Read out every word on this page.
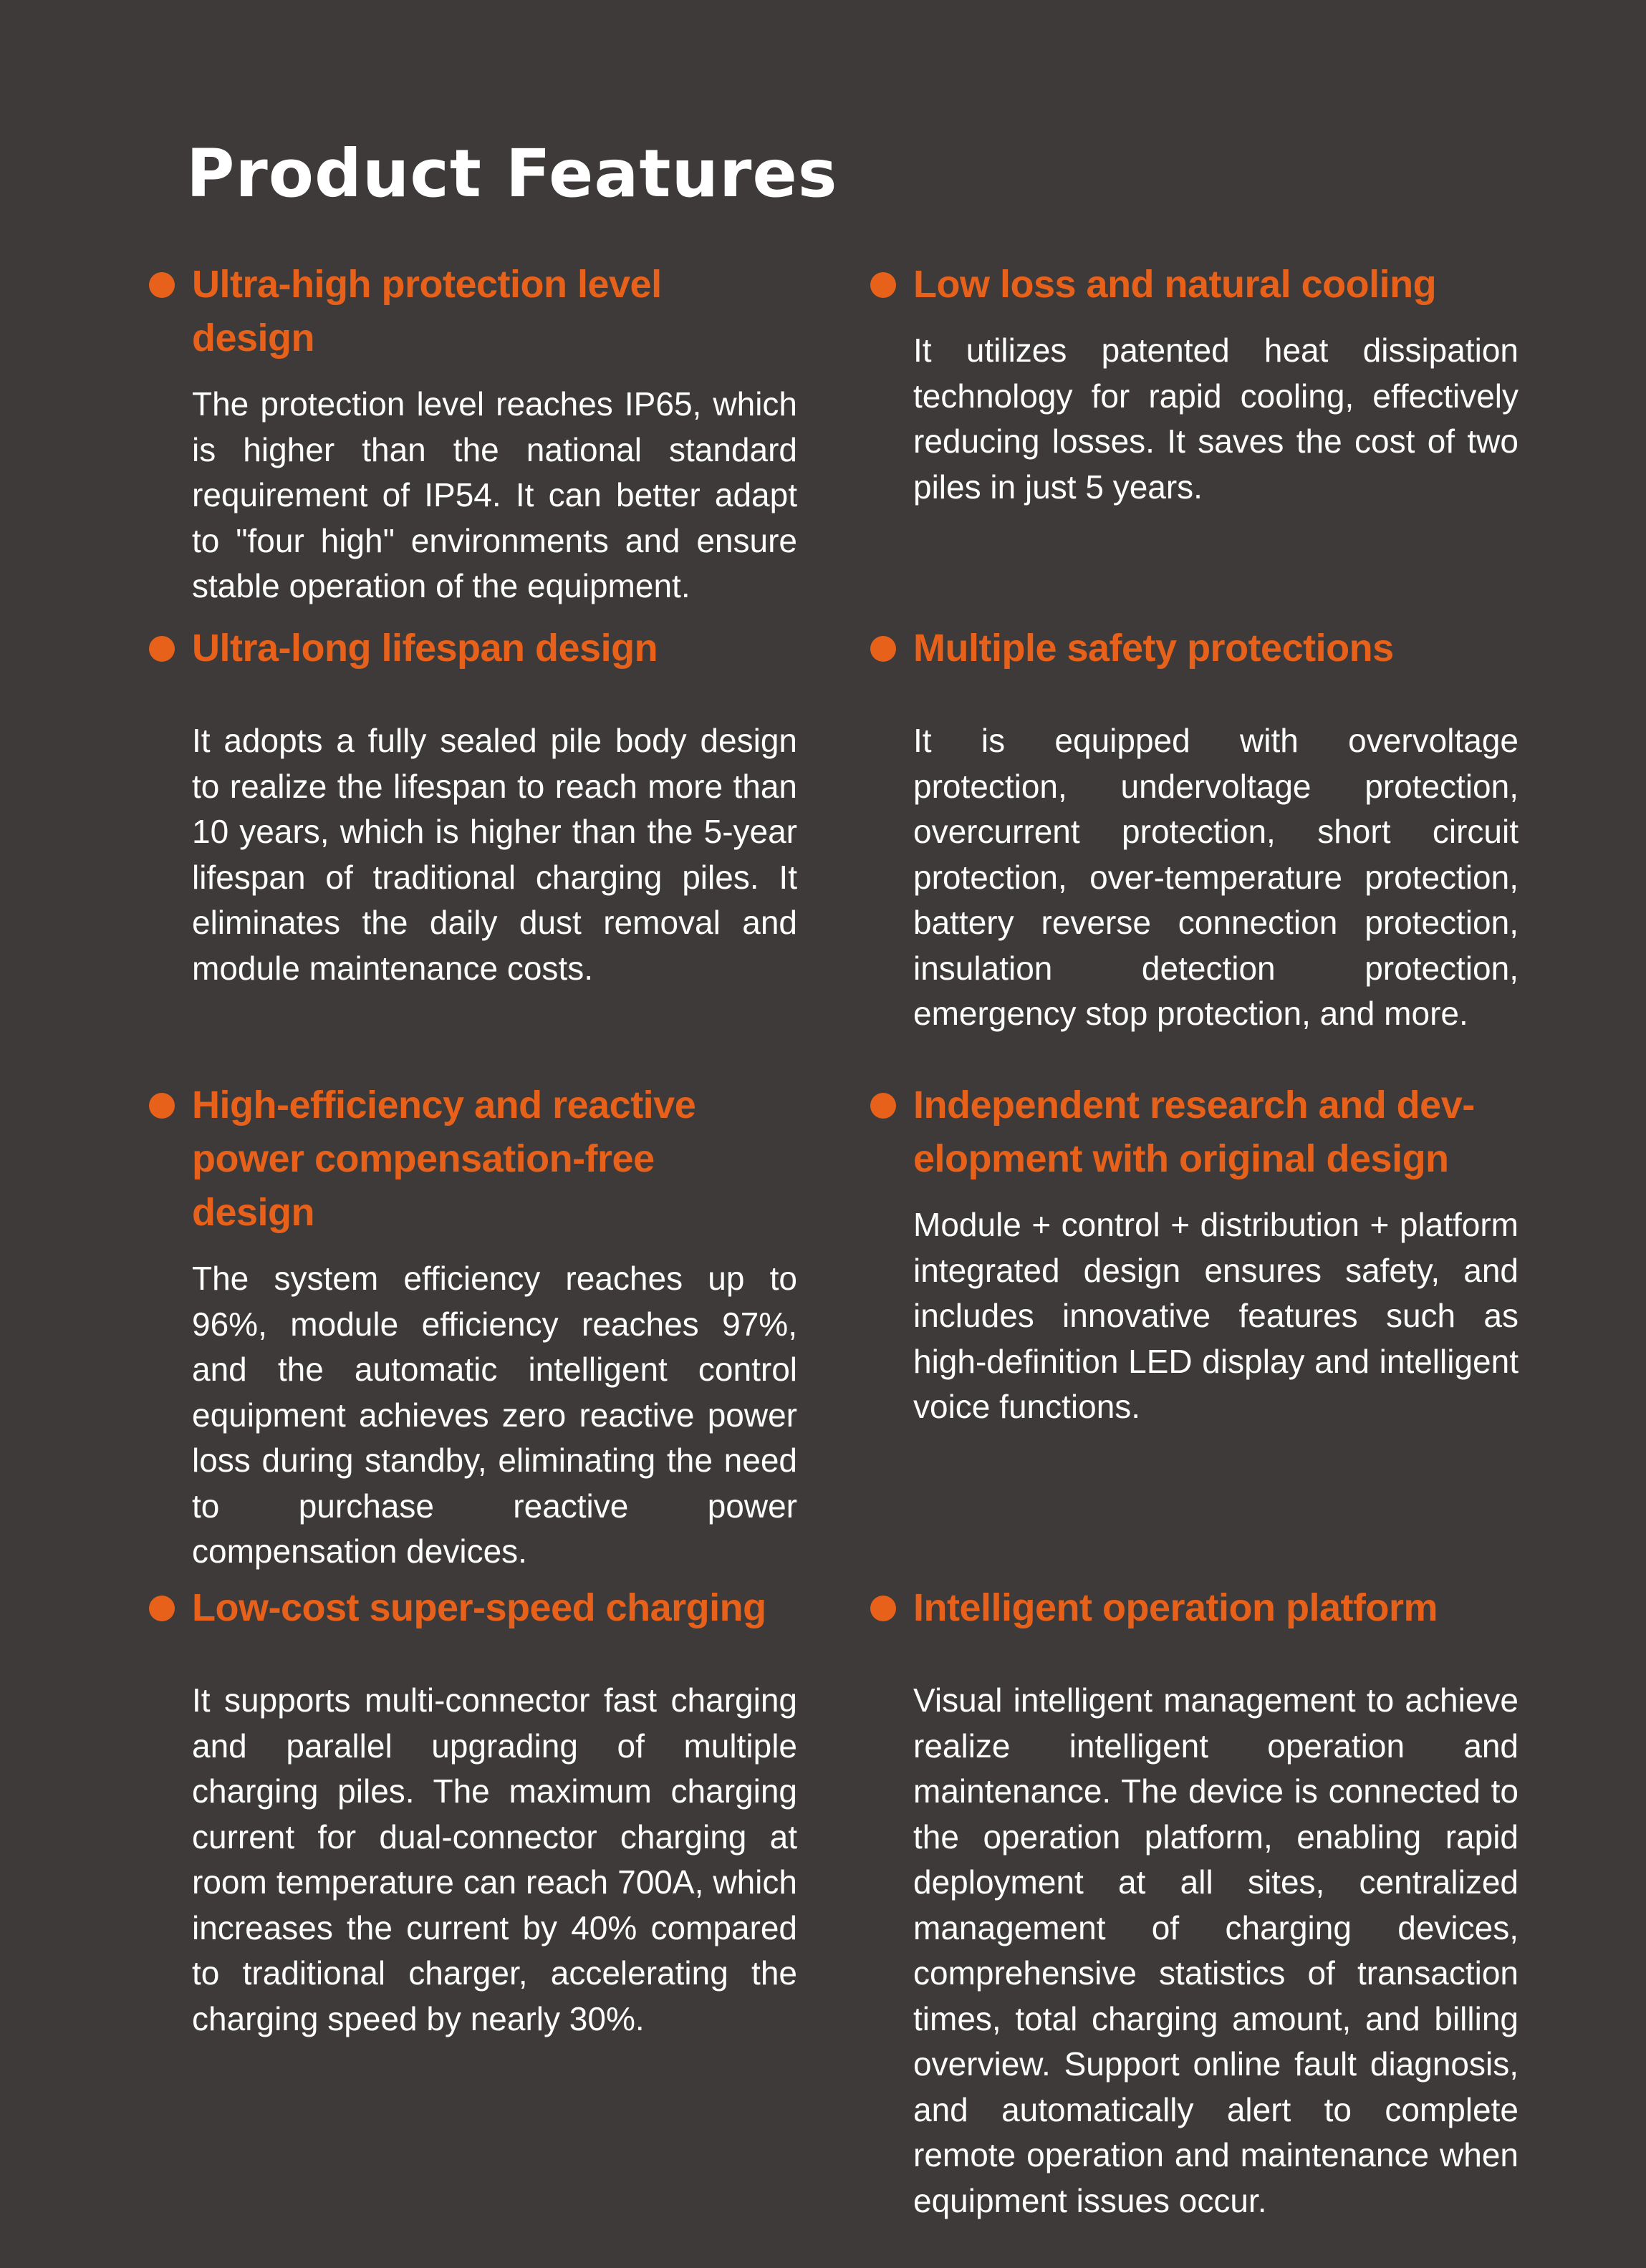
Product Features
Ultra-high protection level design

The protection level reaches IP65, which is higher than the national standard requirement of IP54. It can better adapt to "four high" environments and ensure stable operation of the equipment.

Low loss and natural cooling

It utilizes patented heat dissipation technology for rapid cooling, effectively reducing losses. It saves the cost of two piles in just 5 years.

Ultra-long lifespan design

It adopts a fully sealed pile body design to realize the lifespan to reach more than 10 years, which is higher than the 5-year lifespan of traditional charging piles. It eliminates the daily dust removal and module maintenance costs.

Multiple safety protections

It is equipped with overvoltage protection, undervoltage protection, overcurrent protection, short circuit protection, over-temperature protection, battery reverse connection protection, insulation detection protection, emergency stop protection, and more.

High-efficiency and reactive power compensation-free design

The system efficiency reaches up to 96%, module efficiency reaches 97%, and the automatic intelligent control equipment achieves zero reactive power loss during standby, eliminating the need to purchase reactive power compensation devices.

Independent research and dev-elopment with original design

Module + control + distribution + platform integrated design ensures safety, and includes innovative features such as high-definition LED display and intelligent voice functions.

Low-cost super-speed charging

It supports multi-connector fast charging and parallel upgrading of multiple charging piles. The maximum charging current for dual-connector charging at room temperature can reach 700A, which increases the current by 40% compared to traditional charger, accelerating the charging speed by nearly 30%.

Intelligent operation platform

Visual intelligent management to achieve realize intelligent operation and maintenance. The device is connected to the operation platform, enabling rapid deployment at all sites, centralized management of charging devices, comprehensive statistics of transaction times, total charging amount, and billing overview. Support online fault diagnosis, and automatically alert to complete remote operation and maintenance when equipment issues occur.
